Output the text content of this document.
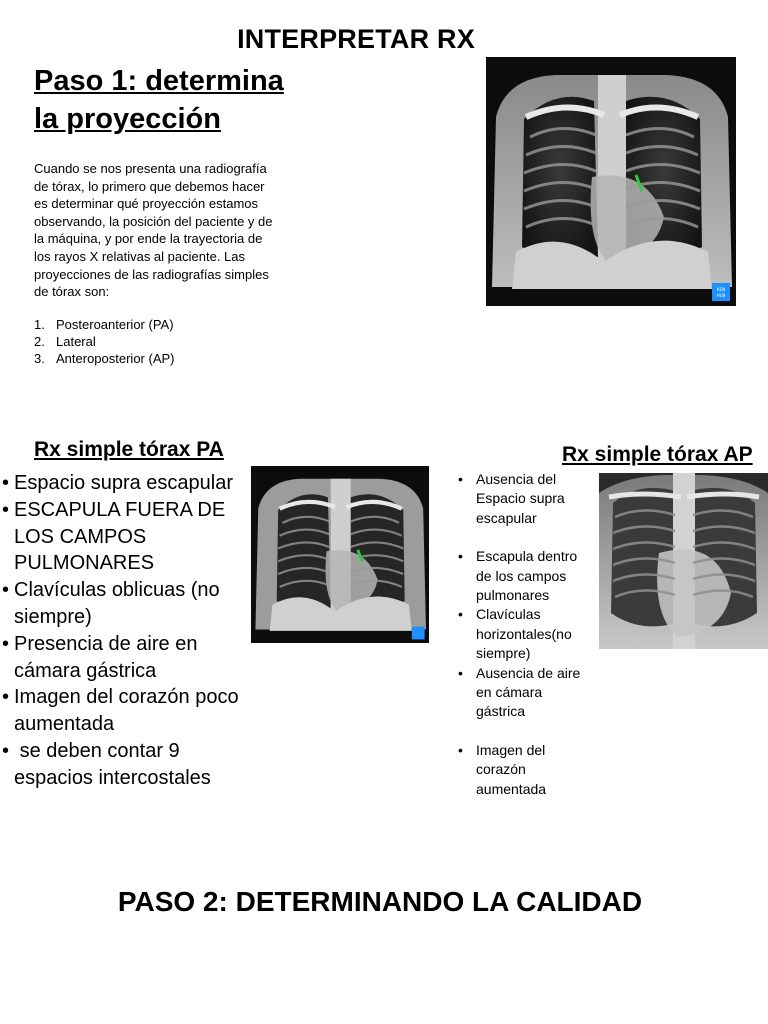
INTERPRETAR RX
Paso 1: determina
la proyección
Cuando se nos presenta una radiografía de tórax, lo primero que debemos hacer es determinar qué proyección estamos observando, la posición del paciente y de la máquina, y por ende la trayectoria de los rayos X relativas al paciente. Las proyecciones de las radiografías simples de tórax son:
1. Posteroanterior (PA)
2. Lateral
3. Anteroposterior (AP)
KEN
HUB
Rx simple tórax PA
• Espacio supra escapular
• ESCAPULA FUERA DE LOS CAMPOS PULMONARES
• Clavículas oblicuas (no siempre)
• Presencia de aire en cámara gástrica
• Imagen del corazón poco aumentada
• se deben contar 9 espacios intercostales
Rx simple tórax AP
• Ausencia del Espacio supra escapular
• Escapula dentro de los campos pulmonares
• Clavículas horizontales(no siempre)
• Ausencia de aire en cámara gástrica
• Imagen del corazón aumentada
PASO 2: DETERMINANDO LA CALIDAD
